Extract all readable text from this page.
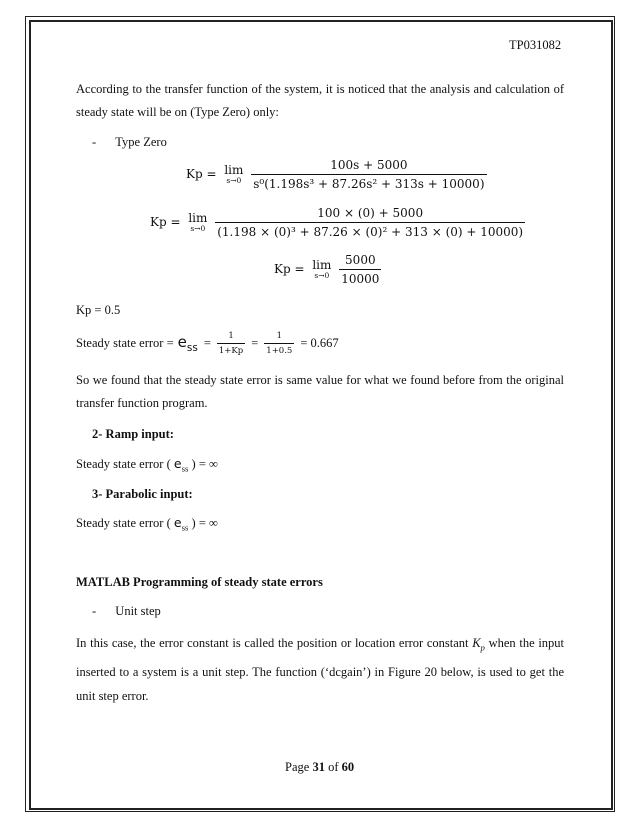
TP031082
According to the transfer function of the system, it is noticed that the analysis and calculation of
steady state will be on (Type Zero) only:
- Type Zero
Kp = lim
s→0
$\frac{100s + 5000}{\text{s⁰(1.198s³ + 87.26s² + 313s + 10000)}}$
Kp = lim
s→0
$\frac{100 \times (0) + 5000}{\text{(1.198 × (0)³ + 87.26 × (0)² + 313 × (0) + 10000)}}$
Kp = lim
s→0
$\frac{5000}{10000}$
Kp = 0.5
Steady state error = $e_{ss} = \frac{1}{1+Kp} = \frac{1}{1+0.5} = 0.667$
So we found that the steady state error is same value for what we found before from the original
transfer function program.
2- Ramp input:
Steady state error ( $e_{ss}$ ) = ∞
3- Parabolic input:
Steady state error ( $e_{ss}$ ) = ∞
MATLAB Programming of steady state errors
- Unit step
In this case, the error constant is called the position or location error constant $K_p$ when the input
inserted to a system is a unit step. The function (‘dcgain’) in Figure 20 below, is used to get the
unit step error.
Page 31 of 60
